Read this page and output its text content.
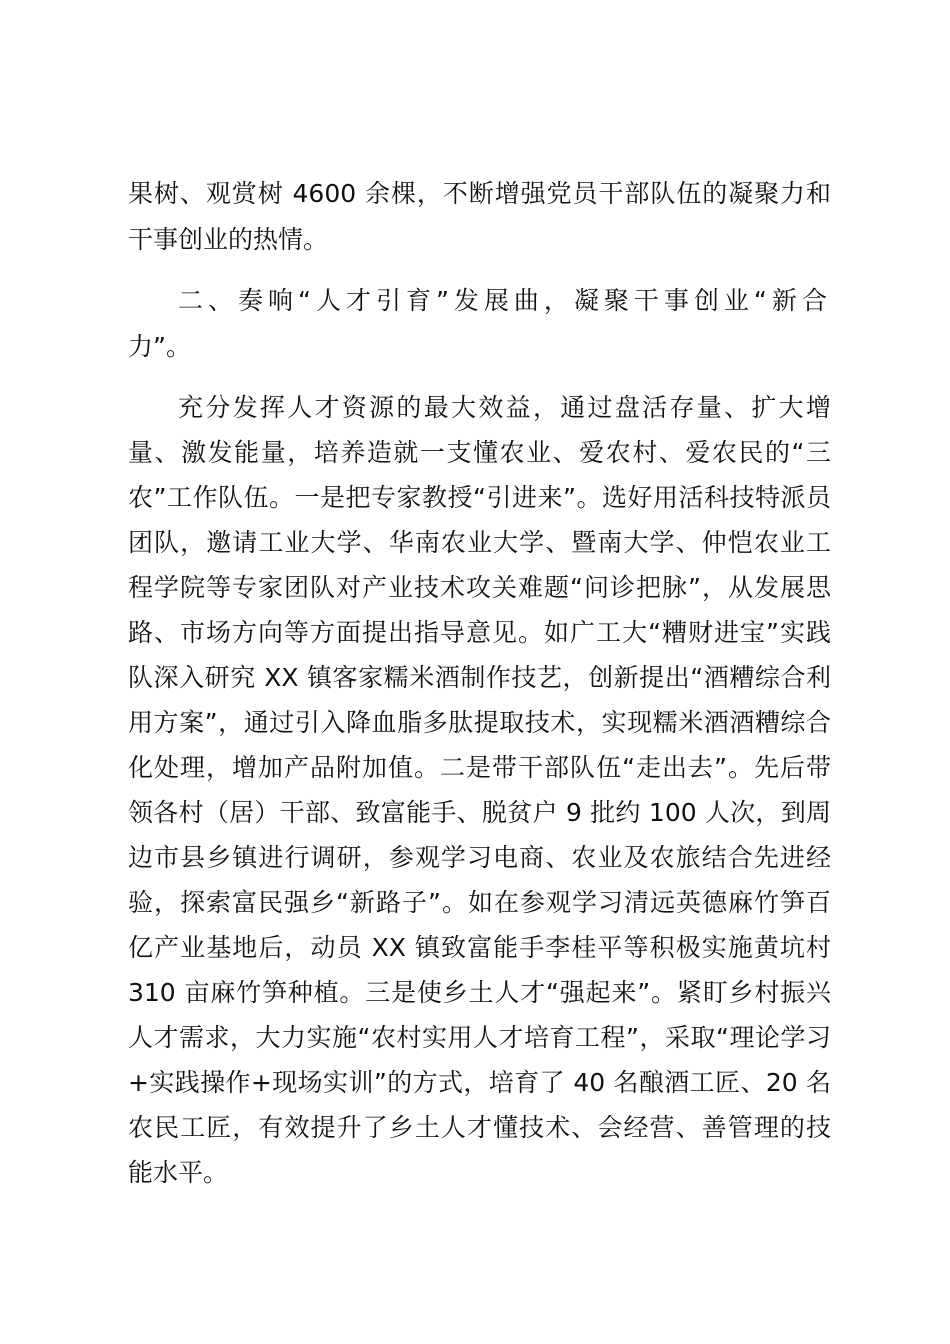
果树、观赏树 4600 余棵，不断增强党员干部队伍的凝聚力和
干事创业的热情。
二、奏响“人才引育”发展曲，凝聚干事创业“新合
力”。
充分发挥人才资源的最大效益，通过盘活存量、扩大增
量、激发能量，培养造就一支懂农业、爱农村、爱农民的“三
农”工作队伍。一是把专家教授“引进来”。选好用活科技特派员
团队，邀请工业大学、华南农业大学、暨南大学、仲恺农业工
程学院等专家团队对产业技术攻关难题“问诊把脉”，从发展思
路、市场方向等方面提出指导意见。如广工大“糟财进宝”实践
队深入研究 XX 镇客家糯米酒制作技艺，创新提出“酒糟综合利
用方案”，通过引入降血脂多肽提取技术，实现糯米酒酒糟综合
化处理，增加产品附加值。二是带干部队伍“走出去”。先后带
领各村（居）干部、致富能手、脱贫户 9 批约 100 人次，到周
边市县乡镇进行调研，参观学习电商、农业及农旅结合先进经
验，探索富民强乡“新路子”。如在参观学习清远英德麻竹笋百
亿产业基地后，动员 XX 镇致富能手李桂平等积极实施黄坑村
310 亩麻竹笋种植。三是使乡土人才“强起来”。紧盯乡村振兴
人才需求，大力实施“农村实用人才培育工程”，采取“理论学习
+实践操作+现场实训”的方式，培育了 40 名酿酒工匠、20 名
农民工匠，有效提升了乡土人才懂技术、会经营、善管理的技
能水平。
